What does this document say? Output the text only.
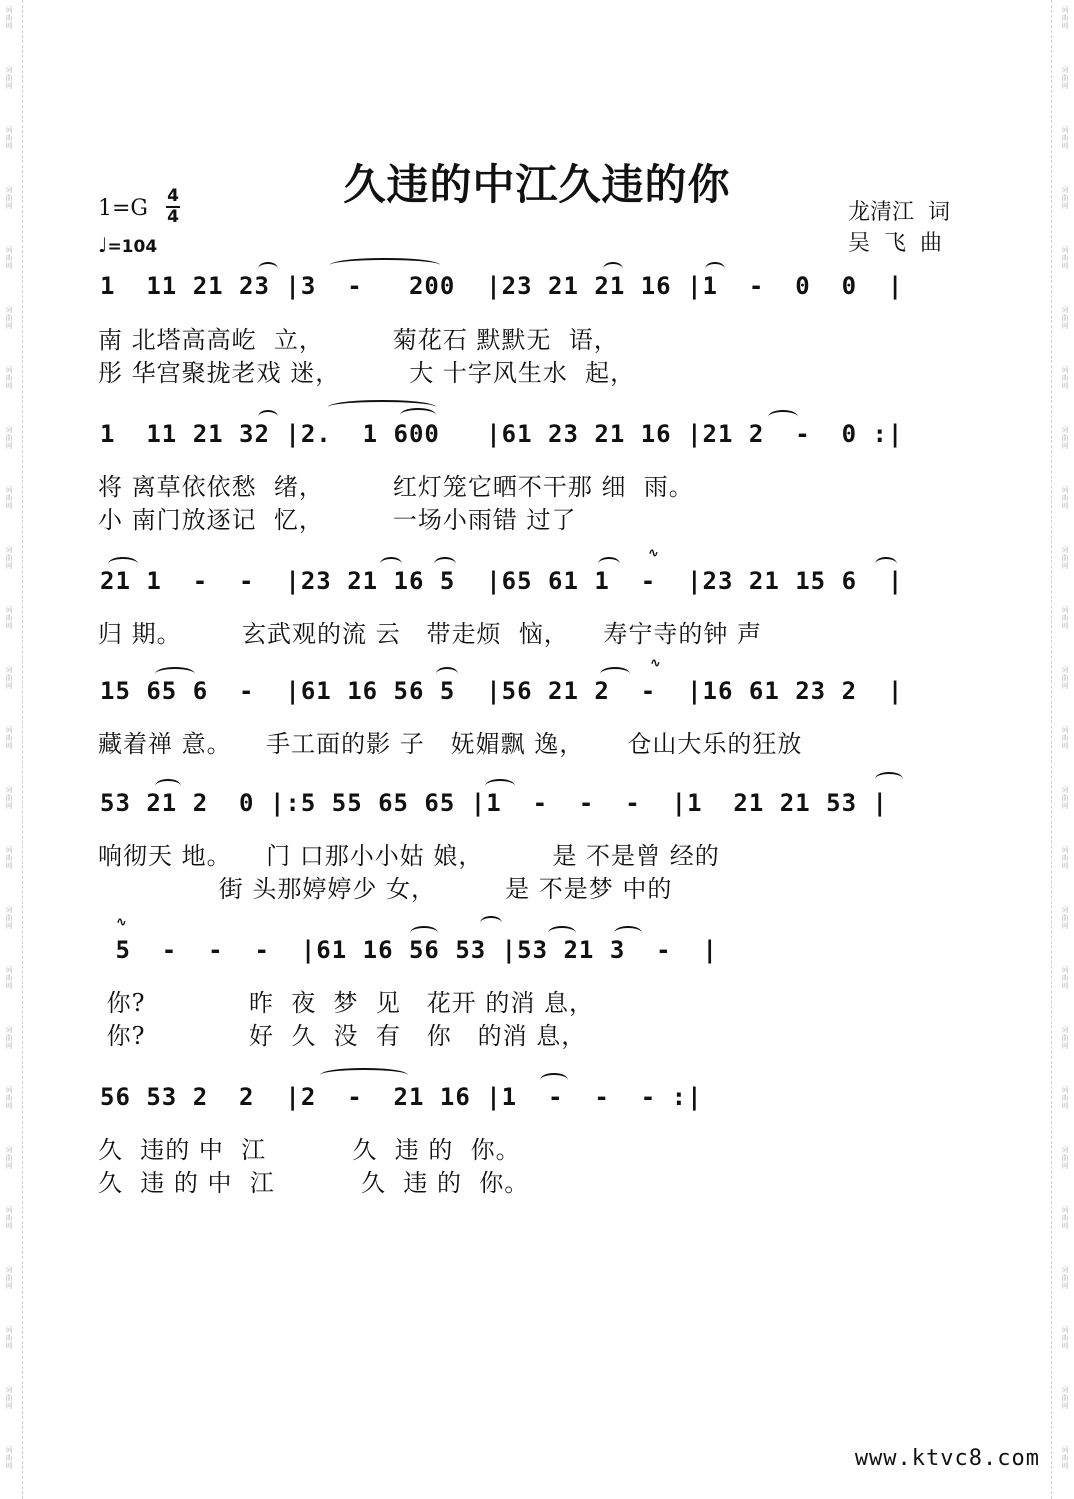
词曲网
词曲网
词曲网
词曲网
词曲网
词曲网
词曲网
词曲网
词曲网
词曲网
词曲网
词曲网
词曲网
词曲网
词曲网
词曲网
词曲网
词曲网
词曲网
词曲网
词曲网
词曲网
词曲网
词曲网
词曲网
词曲网
词曲网
词曲网
词曲网
词曲网
词曲网
词曲网
词曲网
词曲网
词曲网
词曲网
词曲网
词曲网
词曲网
词曲网
词曲网
词曲网
词曲网
词曲网
词曲网
词曲网
词曲网
词曲网
词曲网
词曲网
久违的中江久违的你
龙清江  词
吴  飞  曲
1=G 4
4
♩=104
1  11 21 23 |3  -   200  |23 21 21 16 |1  -  0  0  |
南 北塔高高屹  立，        菊花石 默默无  语，
彤 华宫聚拢老戏 迷，        大 十字风生水  起，
1  11 21 32 |2.  1 600   |61 23 21 16 |21 2  -  0 :|
将 离草依依愁  绪，        红灯笼它晒不干那 细  雨。
小 南门放逐记  忆，        一场小雨错 过了
21 1  -  -  |23 21 16 5  |65 61 1  -  |23 21 15 6  |
归 期。       玄武观的流 云   带走烦  恼，    寿宁寺的钟 声
15 65 6  -  |61 16 56 5  |56 21 2  -  |16 61 23 2  |
藏着禅 意。    手工面的影 子   妩媚飘 逸，     仓山大乐的狂放
53 21 2  0 |:5 55 65 65 |1  -  -  -  |1  21 21 53 |
响彻天 地。    门 口那小小姑 娘，        是 不是曾 经的
街 头那婷婷少 女，        是 不是梦 中的
5  -  -  -  |61 16 56 53 |53 21 3  -  |
你?            昨  夜  梦  见   花开 的消 息，
你?            好  久  没  有   你   的消 息，
56 53 2  2  |2  -  21 16 |1  -  -  - :|
久  违的 中  江          久  违 的  你。
久  违 的 中  江          久  违 的  你。
∿
∿
∿
www.ktvc8.com
